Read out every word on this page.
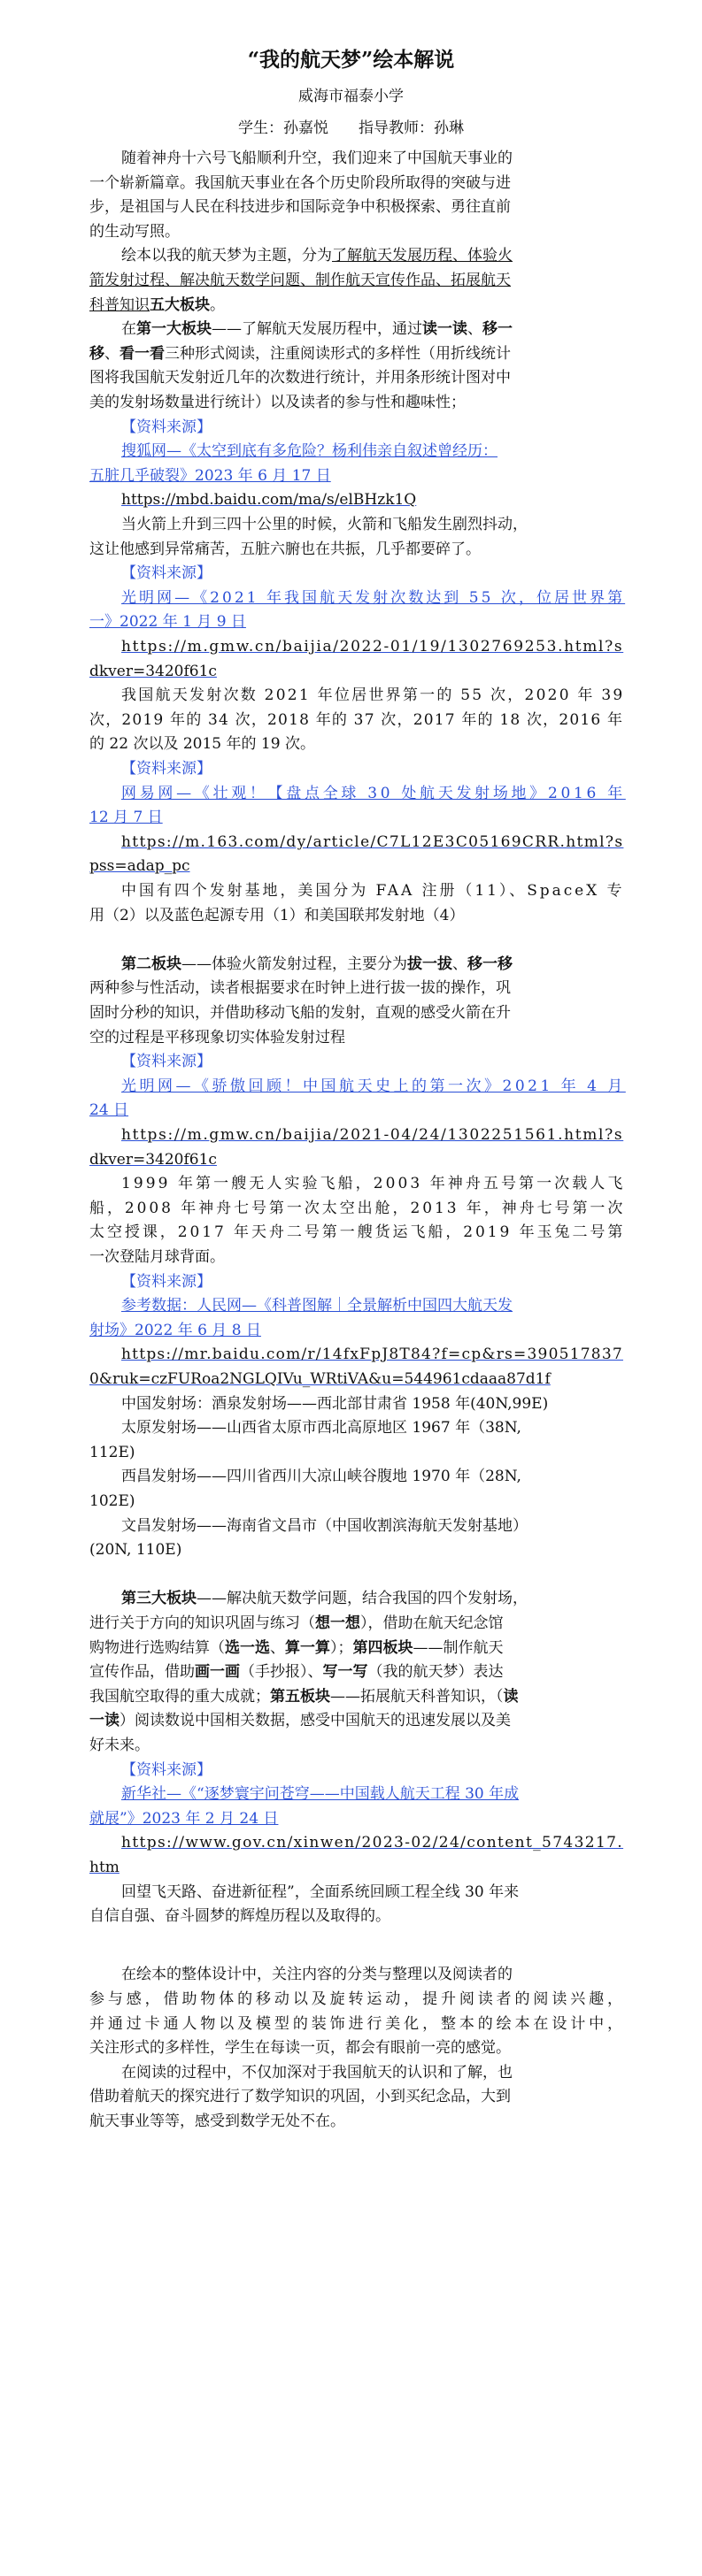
“我的航天梦”绘本解说
威海市福泰小学
学生：孙嘉悦　　指导教师：孙琳
随着神舟十六号飞船顺利升空，我们迎来了中国航天事业的
一个崭新篇章。我国航天事业在各个历史阶段所取得的突破与进
步，是祖国与人民在科技进步和国际竞争中积极探索、勇往直前
的生动写照。
绘本以我的航天梦为主题，分为了解航天发展历程、体验火
箭发射过程、解决航天数学问题、制作航天宣传作品、拓展航天
科普知识五大板块。
在第一大板块——了解航天发展历程中，通过读一读、移一
移、看一看三种形式阅读，注重阅读形式的多样性（用折线统计
图将我国航天发射近几年的次数进行统计，并用条形统计图对中
美的发射场数量进行统计）以及读者的参与性和趣味性；
【资料来源】
搜狐网—《太空到底有多危险？杨利伟亲自叙述曾经历：
五脏几乎破裂》2023 年 6 月 17 日
https://mbd.baidu.com/ma/s/elBHzk1Q
当火箭上升到三四十公里的时候，火箭和飞船发生剧烈抖动，
这让他感到异常痛苦，五脏六腑也在共振，几乎都要碎了。
【资料来源】
光明网—《2021 年我国航天发射次数达到 55 次，位居世界第
一》2022 年 1 月 9 日
https://m.gmw.cn/baijia/2022-01/19/1302769253.html?s
dkver=3420f61c
我国航天发射次数 2021 年位居世界第一的 55 次，2020 年 39
次，2019 年的 34 次，2018 年的 37 次，2017 年的 18 次，2016 年
的 22 次以及 2015 年的 19 次。
【资料来源】
网易网—《壮观！【盘点全球 30 处航天发射场地》2016 年
12 月 7 日
https://m.163.com/dy/article/C7L12E3C05169CRR.html?s
pss=adap_pc
中国有四个发射基地，美国分为 FAA 注册（11）、SpaceX 专
用（2）以及蓝色起源专用（1）和美国联邦发射地（4）
第二板块——体验火箭发射过程，主要分为拔一拔、移一移
两种参与性活动，读者根据要求在时钟上进行拔一拔的操作，巩
固时分秒的知识，并借助移动飞船的发射，直观的感受火箭在升
空的过程是平移现象切实体验发射过程
【资料来源】
光明网—《骄傲回顾！中国航天史上的第一次》2021 年 4 月
24 日
https://m.gmw.cn/baijia/2021-04/24/1302251561.html?s
dkver=3420f61c
1999 年第一艘无人实验飞船，2003 年神舟五号第一次载人飞
船，2008 年神舟七号第一次太空出舱，2013 年，神舟七号第一次
太空授课，2017 年天舟二号第一艘货运飞船，2019 年玉兔二号第
一次登陆月球背面。
【资料来源】
参考数据：人民网—《科普图解｜全景解析中国四大航天发
射场》2022 年 6 月 8 日
https://mr.baidu.com/r/14fxFpJ8T84?f=cp&rs=390517837
0&ruk=czFURoa2NGLQIVu_WRtiVA&u=544961cdaaa87d1f
中国发射场：酒泉发射场——西北部甘肃省 1958 年(40N,99E)
太原发射场——山西省太原市西北高原地区 1967 年（38N,
112E)
西昌发射场——四川省西川大凉山峡谷腹地 1970 年（28N,
102E)
文昌发射场——海南省文昌市（中国收割滨海航天发射基地）
(20N, 110E)
第三大板块——解决航天数学问题，结合我国的四个发射场，
进行关于方向的知识巩固与练习（想一想），借助在航天纪念馆
购物进行选购结算（选一选、算一算）；第四板块——制作航天
宣传作品，借助画一画（手抄报）、写一写（我的航天梦）表达
我国航空取得的重大成就；第五板块——拓展航天科普知识，（读
一读）阅读数说中国相关数据，感受中国航天的迅速发展以及美
好未来。
【资料来源】
新华社—《“逐梦寰宇问苍穹——中国载人航天工程 30 年成
就展”》2023 年 2 月 24 日
https://www.gov.cn/xinwen/2023-02/24/content_5743217.
htm
回望飞天路、奋进新征程”，全面系统回顾工程全线 30 年来
自信自强、奋斗圆梦的辉煌历程以及取得的。
在绘本的整体设计中，关注内容的分类与整理以及阅读者的
参与感，借助物体的移动以及旋转运动，提升阅读者的阅读兴趣，
并通过卡通人物以及模型的装饰进行美化，整本的绘本在设计中，
关注形式的多样性，学生在每读一页，都会有眼前一亮的感觉。
在阅读的过程中，不仅加深对于我国航天的认识和了解，也
借助着航天的探究进行了数学知识的巩固，小到买纪念品，大到
航天事业等等，感受到数学无处不在。
